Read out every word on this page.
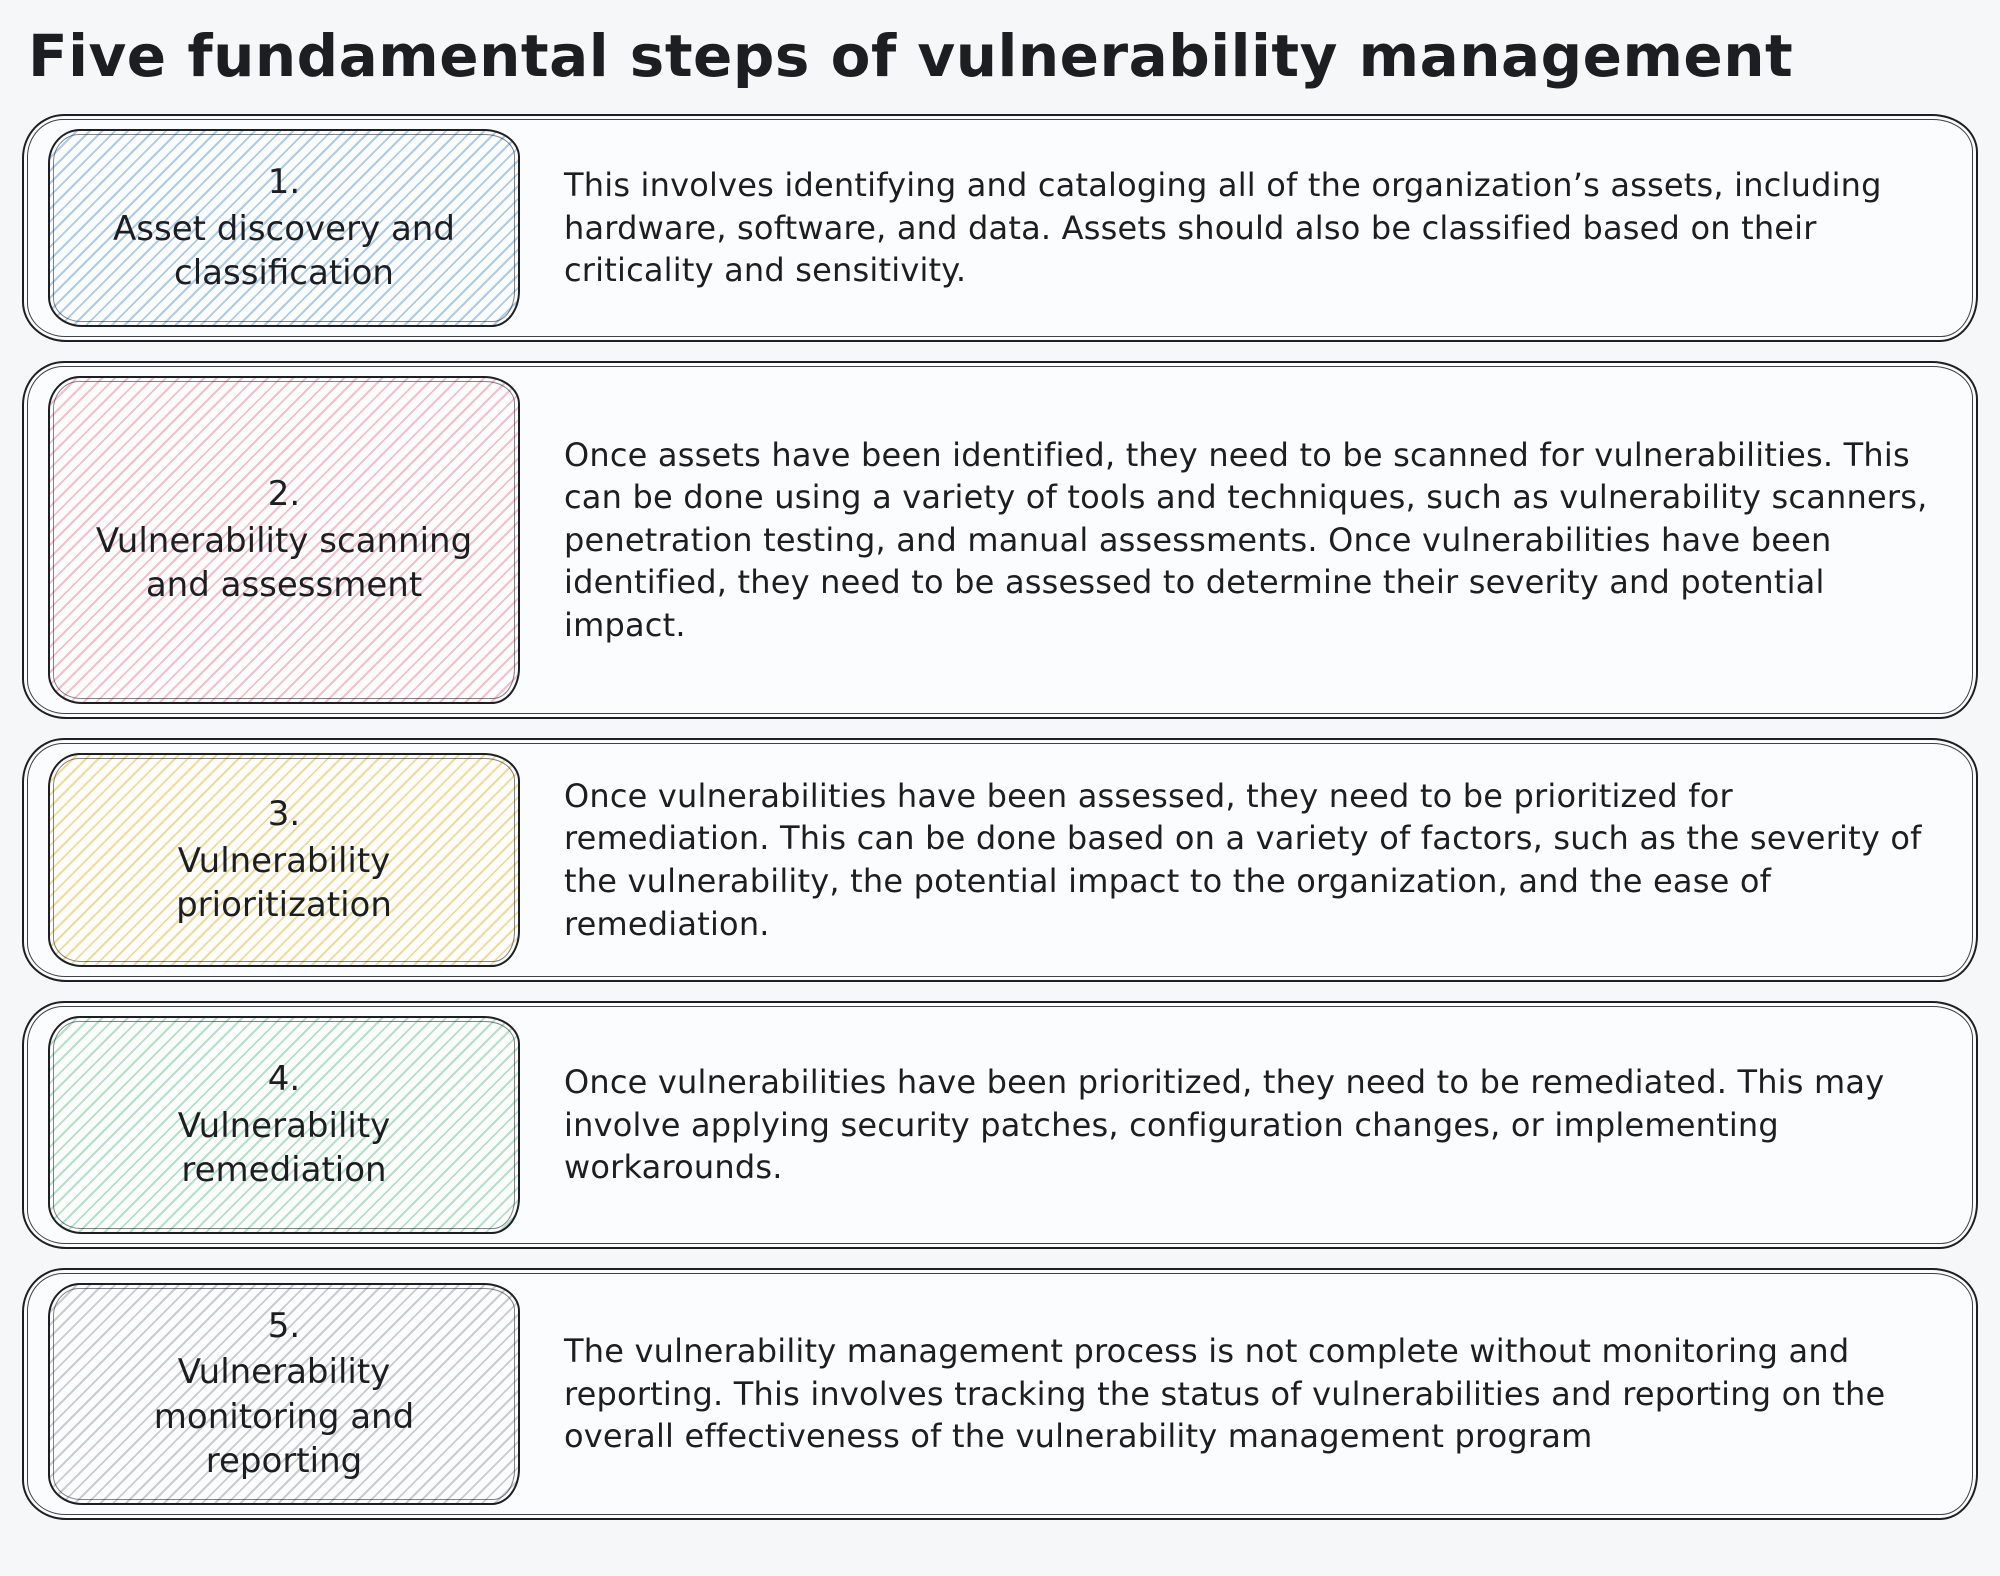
Five fundamental steps of vulnerability management
1.
Asset discovery and classification

This involves identifying and cataloging all of the organization’s assets, including hardware, software, and data. Assets should also be classified based on their criticality and sensitivity.

2.
Vulnerability scanning and assessment

Once assets have been identified, they need to be scanned for vulnerabilities. This can be done using a variety of tools and techniques, such as vulnerability scanners, penetration testing, and manual assessments. Once vulnerabilities have been identified, they need to be assessed to determine their severity and potential impact.

3.
Vulnerability prioritization

Once vulnerabilities have been assessed, they need to be prioritized for remediation. This can be done based on a variety of factors, such as the severity of the vulnerability, the potential impact to the organization, and the ease of remediation.

4.
Vulnerability remediation

Once vulnerabilities have been prioritized, they need to be remediated. This may involve applying security patches, configuration changes, or implementing workarounds.

5.
Vulnerability monitoring and reporting

The vulnerability management process is not complete without monitoring and reporting. This involves tracking the status of vulnerabilities and reporting on the overall effectiveness of the vulnerability management program
